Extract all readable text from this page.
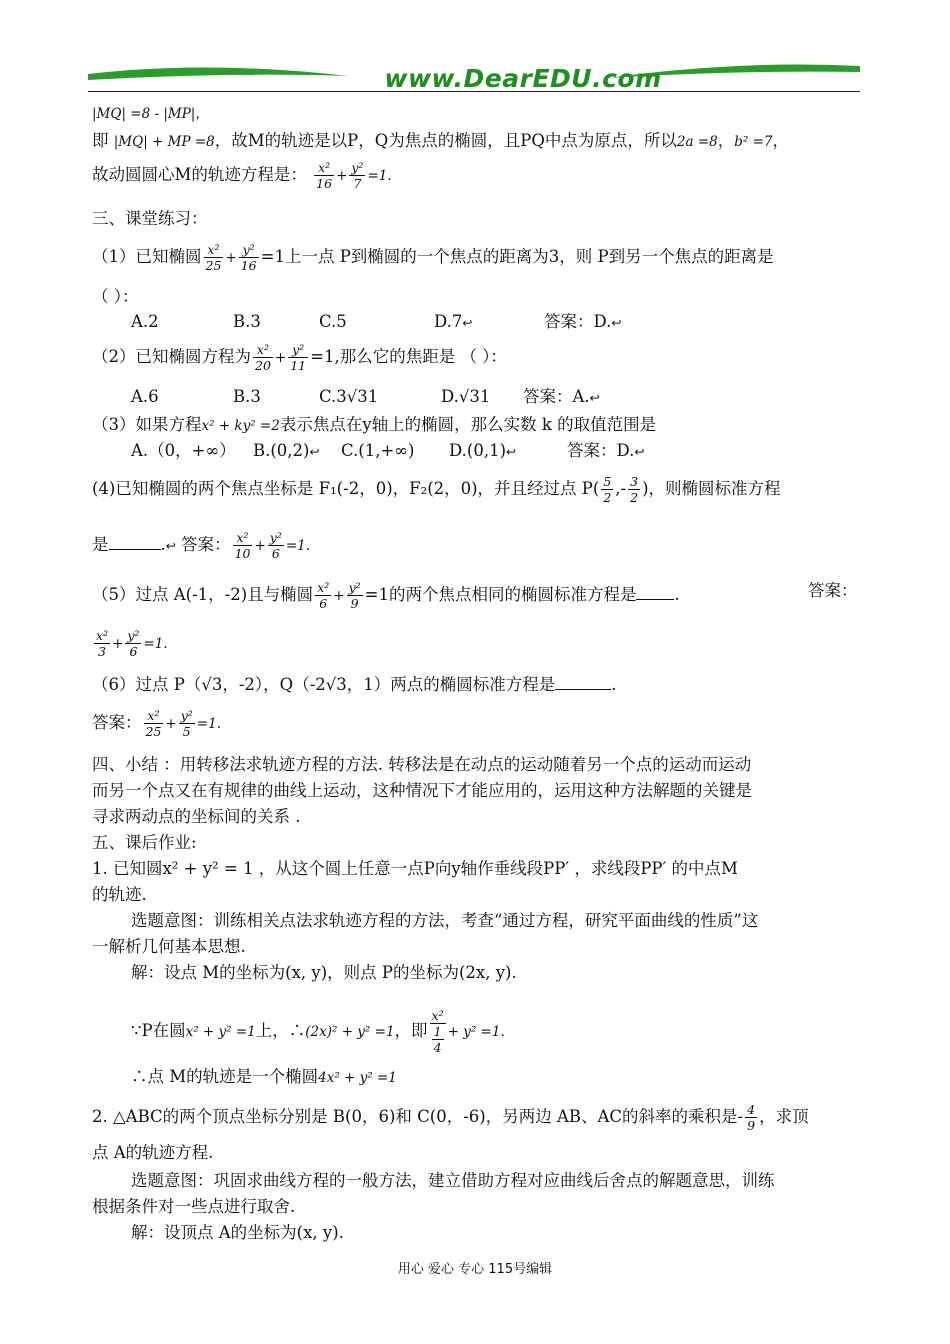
www.DearEDU.com
|MQ| =8 - |MP|，
即 |MQ| + MP =8，故M的轨迹是以P，Q为焦点的椭圆，且PQ中点为原点，所以2a =8，b² =7，
故动圆圆心M的轨迹方程是： $\frac{\text{x²}}{16} + \frac{\text{y²}}{7} =1$.
三、课堂练习：
（1）已知椭圆 $\frac{\text{x²}}{25} + \frac{\text{y²}}{16} =1$上一点 P到椭圆的一个焦点的距离为3，则 P到另一个焦点的距离是
（ ）：
A.2	B.3	C.5	D.7↩	答案：D.↩
（2）已知椭圆方程为 $\frac{\text{x²}}{20} + \frac{\text{y²}}{11} =1$,那么它的焦距是 （ ）：
A.6	B.3	C.3√31	D.√31 答案：A.↩
（3）如果方程x² + ky² =2表示焦点在y轴上的椭圆，那么实数 k 的取值范围是
A.（0，+∞） B.(0,2)↩ C.(1,+∞) D.(0,1)↩	答案：D.↩
(4)已知椭圆的两个焦点坐标是 F₁(-2，0)，F₂(2，0)，并且经过点 $P( \frac{5}{2}$ ,- $\frac{3}{2}$ )，则椭圆标准方程
是	.↩ 答案： $\frac{\text{x²}}{10} + \frac{\text{y²}}{6} =1$.
（5）过点 A(-1，-2)且与椭圆 $\frac{\text{x²}}{6} + \frac{\text{y²}}{9} =1$的两个焦点相同的椭圆标准方程是 .	答案：
$\frac{\text{x²}}{3} + \frac{\text{y²}}{6} =1$.
（6）过点 P（√3，-2），Q（-2√3，1）两点的椭圆标准方程是	.
答案： $\frac{\text{x²}}{25} + \frac{\text{y²}}{5} =1$.
四、小结 ：用转移法求轨迹方程的方法. 转移法是在动点的运动随着另一个点的运动而运动
而另一个点又在有规律的曲线上运动，这种情况下才能应用的，运用这种方法解题的关键是
寻求两动点的坐标间的关系 .
五、课后作业:
1. 已知圆x² + y² = 1 ，从这个圆上任意一点P向y轴作垂线段PP′ ，求线段PP′ 的中点M
的轨迹.
选题意图：训练相关点法求轨迹方程的方法，考查“通过方程，研究平面曲线的性质”这
一解析几何基本思想.
解：设点 M的坐标为(x, y)，则点 P的坐标为(2x, y).
∵P在圆x² + y² =1上，∴(2x)² + y² =1，即 $\frac{\text{x²}}{\frac{1}{4}} + y^2 =1$.
∴点 M的轨迹是一个椭圆4x² + y² =1
2. △ABC的两个顶点坐标分别是 B(0，6)和 C(0，-6)，另两边 AB、AC的斜率的乘积是- $\frac{4}{9}$ ，求顶
点 A的轨迹方程.
选题意图：巩固求曲线方程的一般方法，建立借助方程对应曲线后舍点的解题意思，训练
根据条件对一些点进行取舍.
解：设顶点 A的坐标为(x, y).
用心 爱心 专心 115号编辑
